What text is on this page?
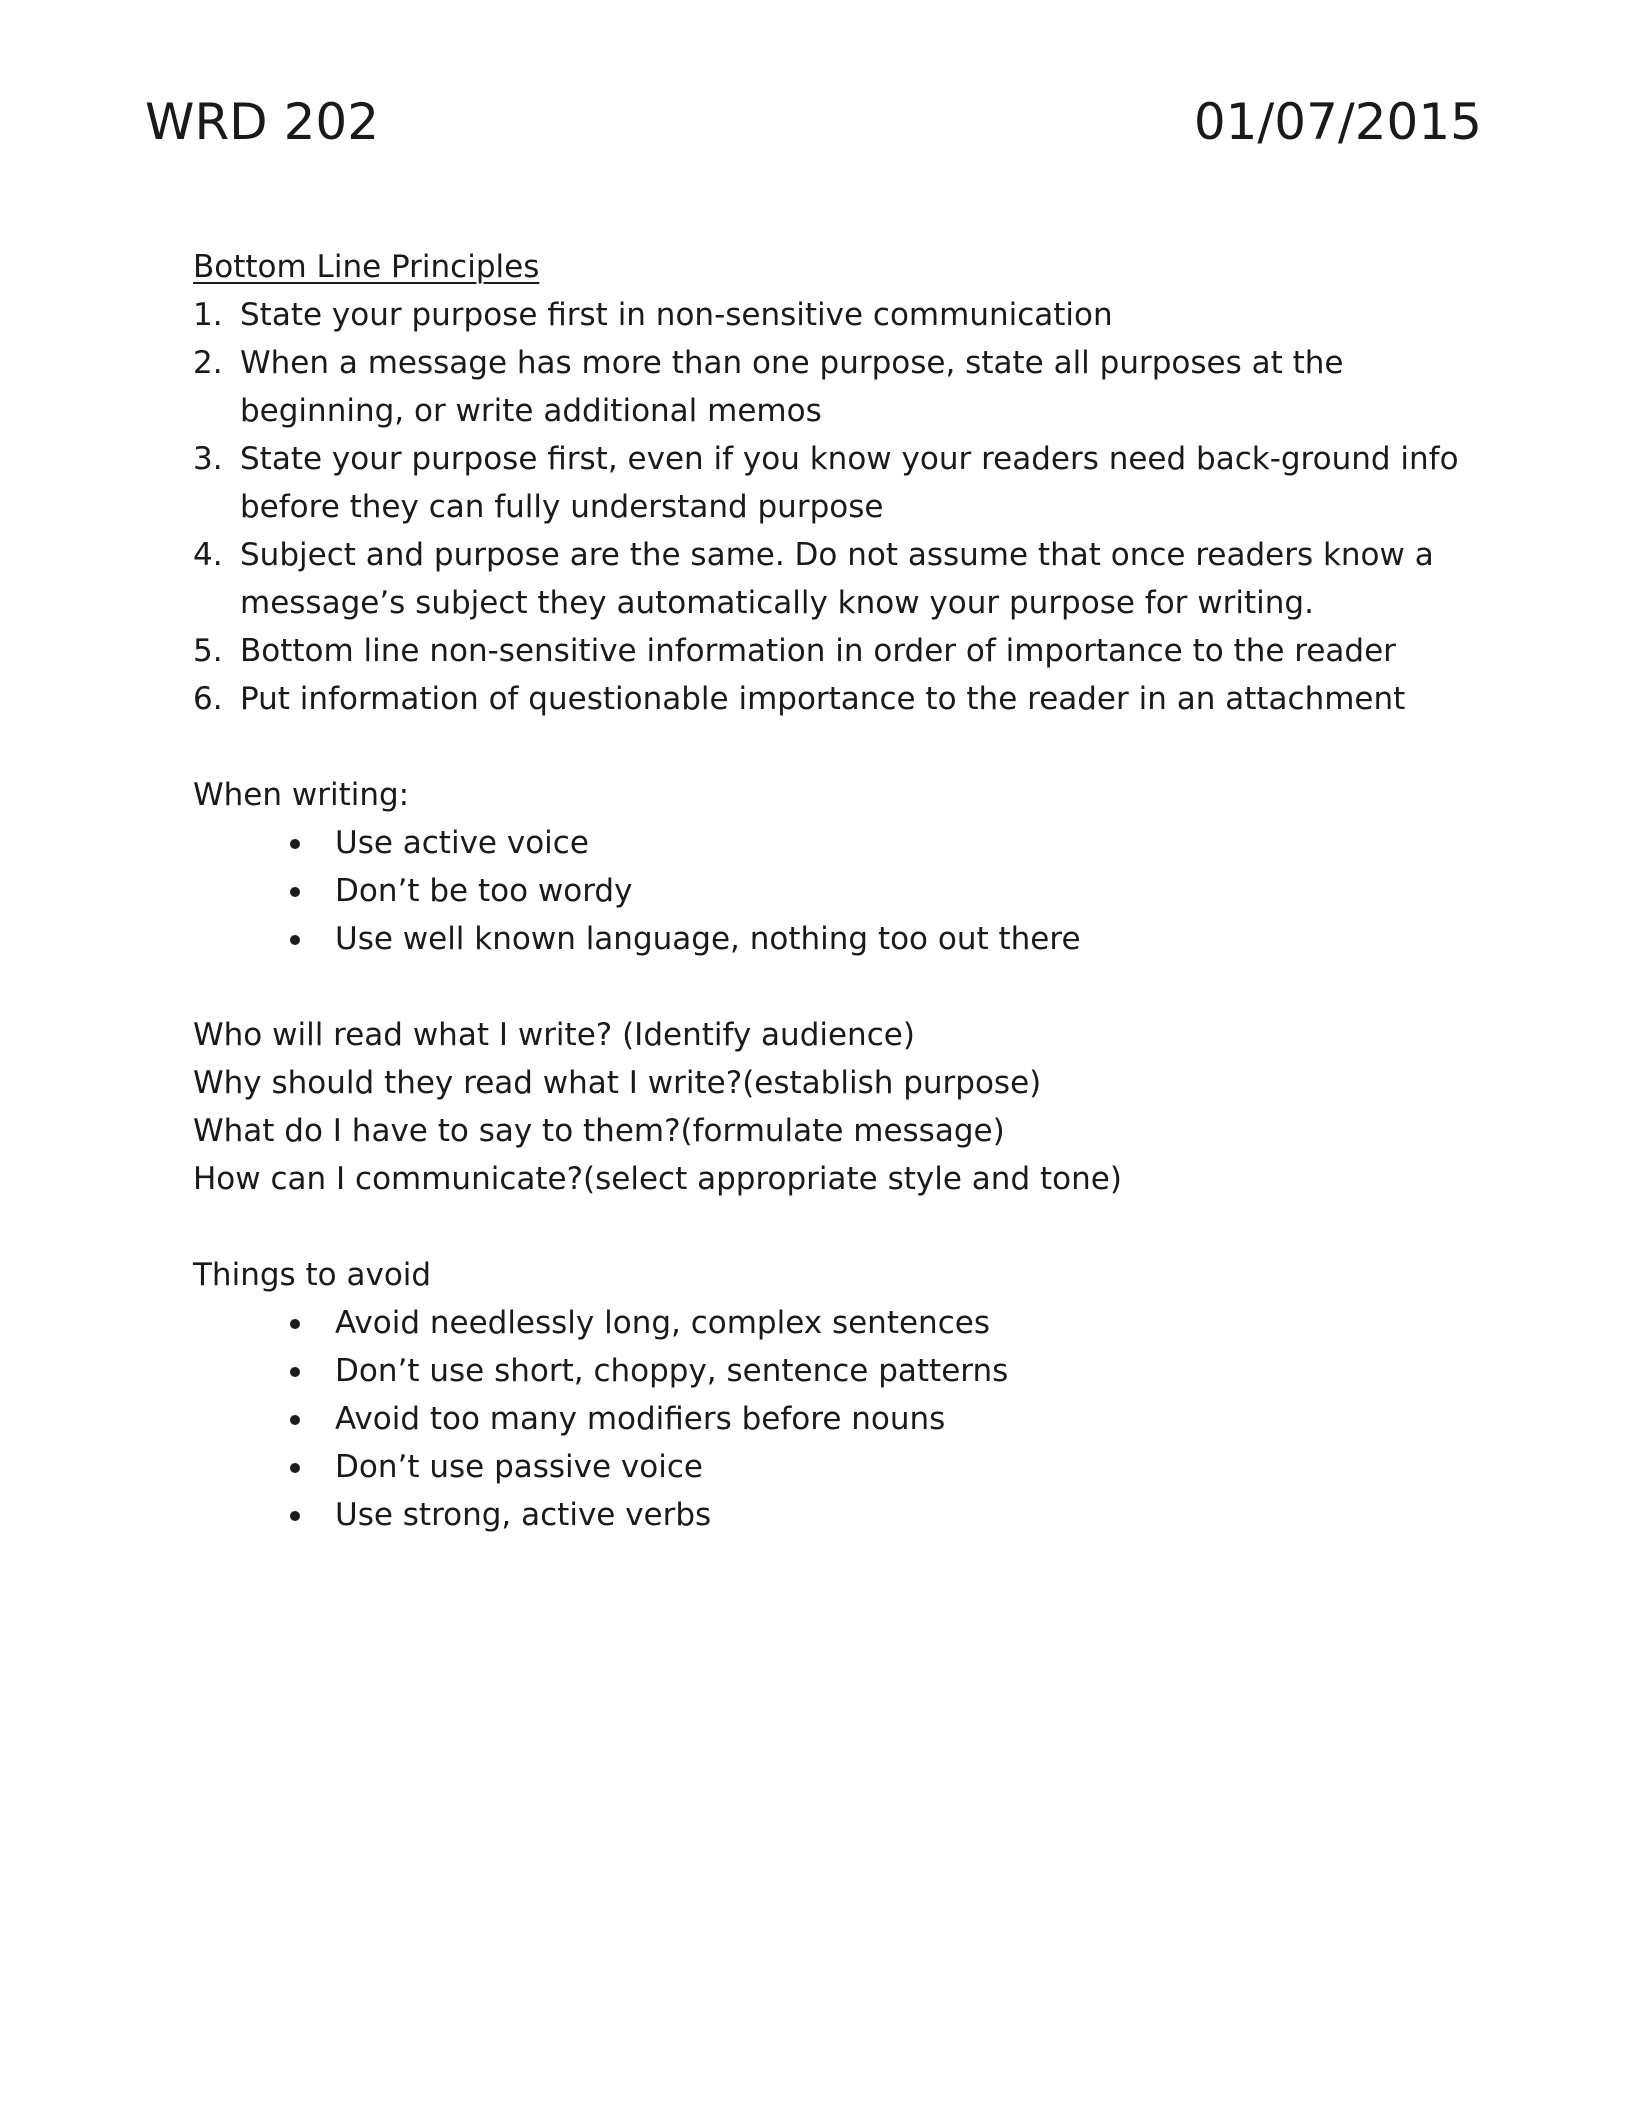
WRD 202	01/07/2015
Bottom Line Principles
1. State your purpose first in non-sensitive communication
2. When a message has more than one purpose, state all purposes at the beginning, or write additional memos
3. State your purpose first, even if you know your readers need back-ground info before they can fully understand purpose
4. Subject and purpose are the same. Do not assume that once readers know a message’s subject they automatically know your purpose for writing.
5. Bottom line non-sensitive information in order of importance to the reader
6. Put information of questionable importance to the reader in an attachment
When writing:
Use active voice
Don’t be too wordy
Use well known language, nothing too out there
Who will read what I write? (Identify audience)
Why should they read what I write?(establish purpose)
What do I have to say to them?(formulate message)
How can I communicate?(select appropriate style and tone)
Things to avoid
Avoid needlessly long, complex sentences
Don’t use short, choppy, sentence patterns
Avoid too many modifiers before nouns
Don’t use passive voice
Use strong, active verbs
